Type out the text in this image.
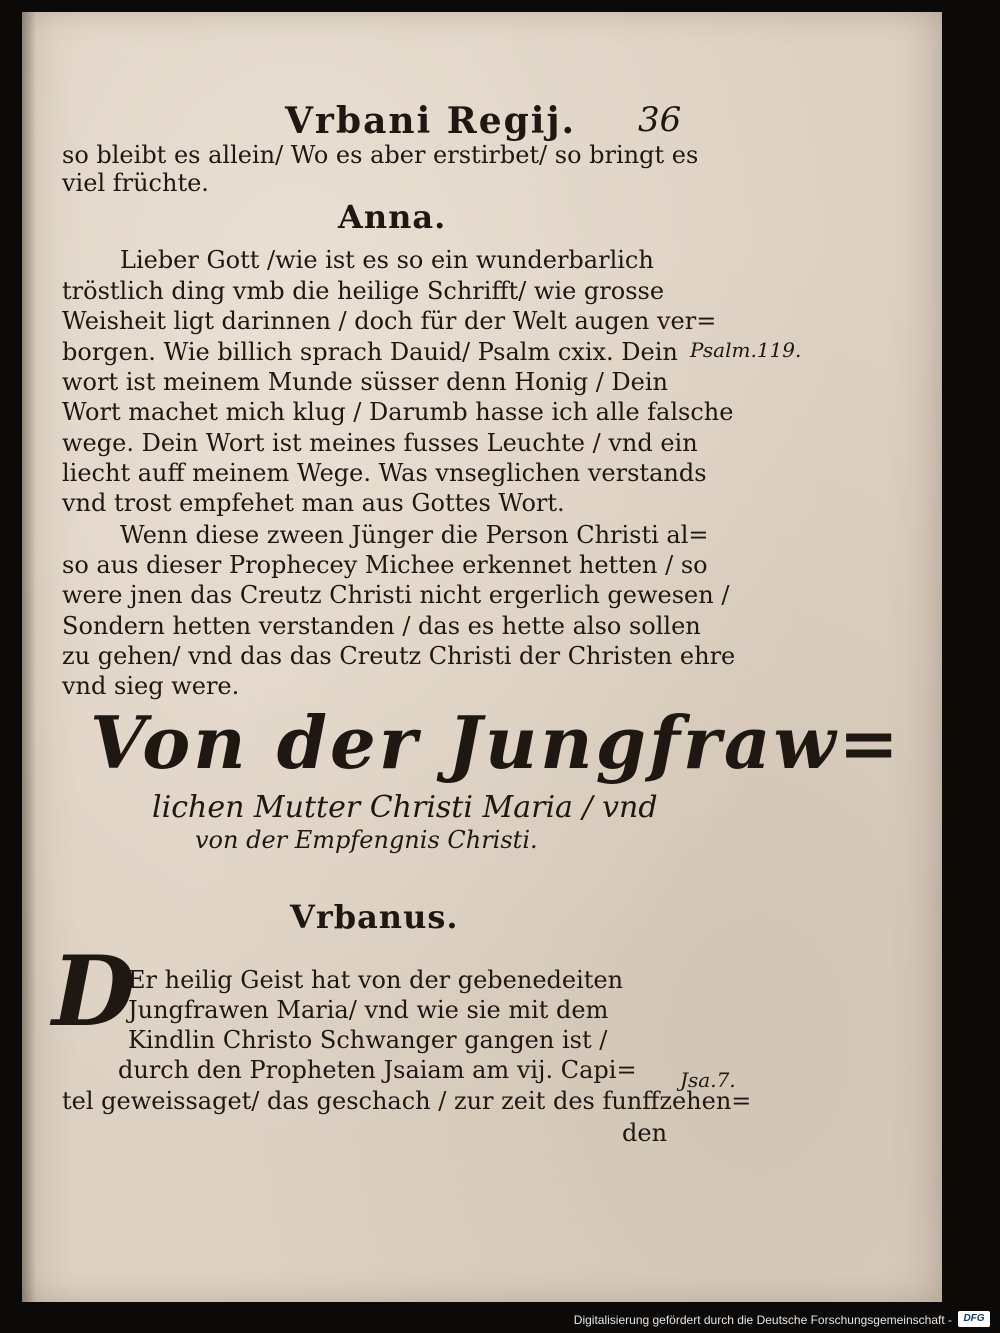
Vrbani Regij. 36
so bleibt es allein/ Wo es aber erstirbet/ so bringt es
viel früchte.
Anna.
Lieber Gott /wie ist es so ein wunderbarlich
tröstlich ding vmb die heilige Schrifft/ wie grosse
Weisheit ligt darinnen / doch für der Welt augen ver=
borgen. Wie billich sprach Dauid/ Psalm cxix. Dein
wort ist meinem Munde süsser denn Honig / Dein
Wort machet mich klug / Darumb hasse ich alle falsche
wege. Dein Wort ist meines fusses Leuchte / vnd ein
liecht auff meinem Wege. Was vnseglichen verstands
vnd trost empfehet man aus Gottes Wort.
Psalm.119.
Wenn diese zween Jünger die Person Christi al=
so aus dieser Prophecey Michee erkennet hetten / so
were jnen das Creutz Christi nicht ergerlich gewesen /
Sondern hetten verstanden / das es hette also sollen
zu gehen/ vnd das das Creutz Christi der Christen ehre
vnd sieg were.
Von der Jungfraw=
lichen Mutter Christi Maria / vnd
von der Empfengnis Christi.
Vrbanus.
D
Er heilig Geist hat von der gebenedeiten
Jungfrawen Maria/ vnd wie sie mit dem
Kindlin Christo Schwanger gangen ist /
durch den Propheten Jsaiam am vij. Capi=
tel geweissaget/ das geschach / zur zeit des funffzehen=
den
Jsa.7.
Digitalisierung gefördert durch die Deutsche Forschungsgemeinschaft -	DFG
